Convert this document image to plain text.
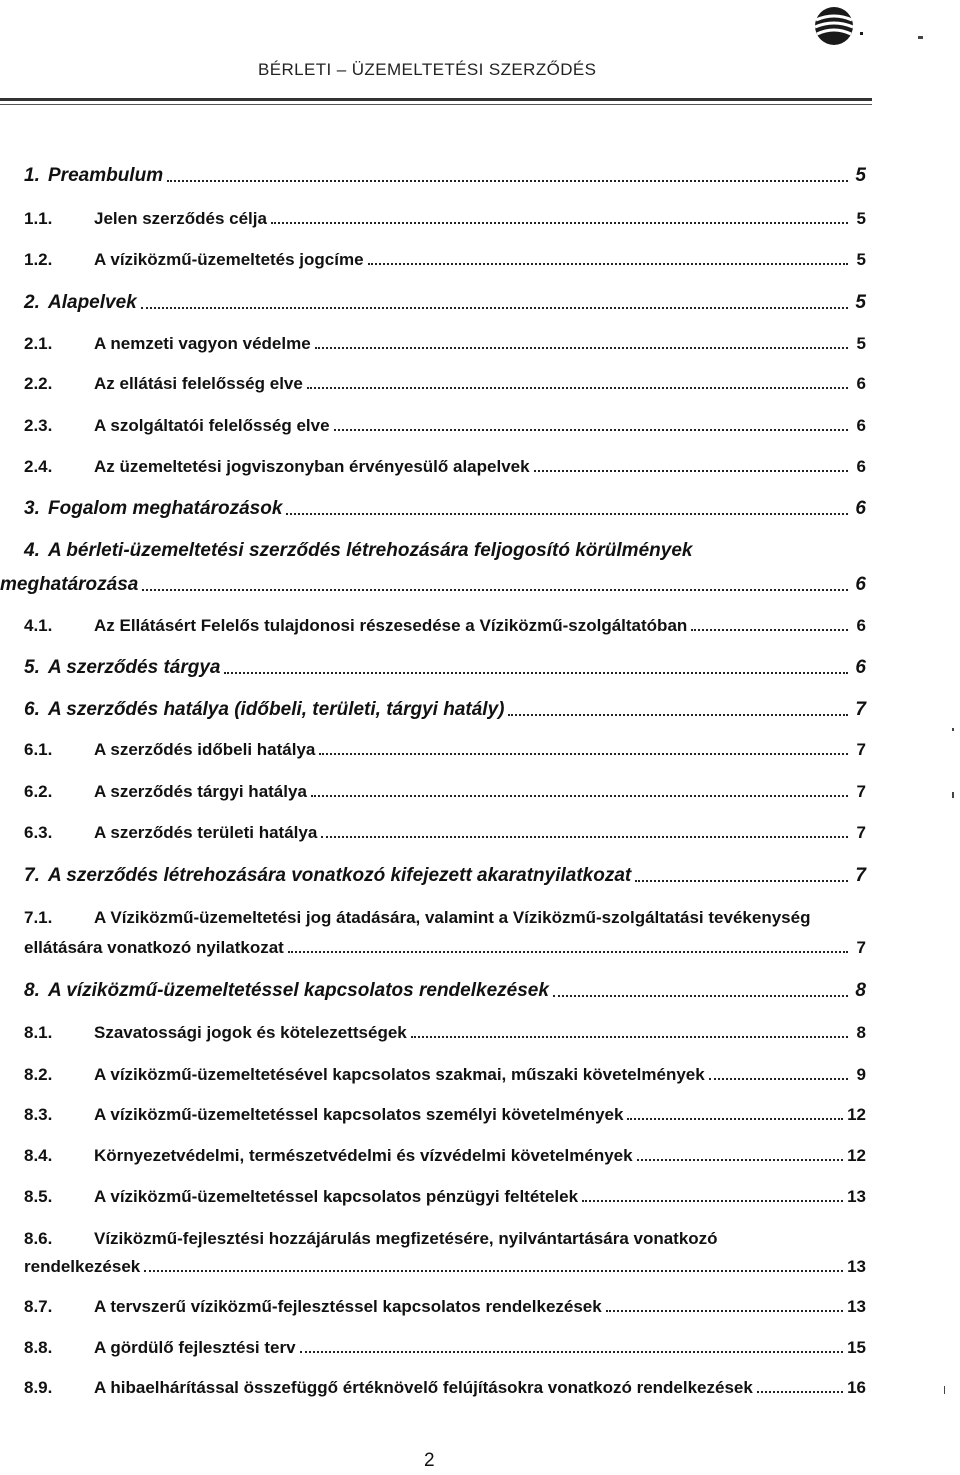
BÉRLETI – ÜZEMELTETÉSI SZERZŐDÉS
1. Preambulum	5
1.1.	Jelen szerződés célja	5
1.2.	A víziközmű-üzemeltetés jogcíme	5
2. Alapelvek	5
2.1.	A nemzeti vagyon védelme	5
2.2.	Az ellátási felelősség elve	6
2.3.	A szolgáltatói felelősség elve	6
2.4.	Az üzemeltetési jogviszonyban érvényesülő alapelvek	6
3. Fogalom meghatározások	6
4. A bérleti-üzemeltetési szerződés létrehozására feljogosító körülmények
meghatározása	6
4.1.	Az Ellátásért Felelős tulajdonosi részesedése a Víziközmű-szolgáltatóban	6
5. A szerződés tárgya	6
6. A szerződés hatálya (időbeli, területi, tárgyi hatály)	7
6.1.	A szerződés időbeli hatálya	7
6.2.	A szerződés tárgyi hatálya	7
6.3.	A szerződés területi hatálya	7
7. A szerződés létrehozására vonatkozó kifejezett akaratnyilatkozat	7
7.1. A Víziközmű-üzemeltetési jog átadására, valamint a Víziközmű-szolgáltatási tevékenység
ellátására vonatkozó nyilatkozat	7
8. A víziközmű-üzemeltetéssel kapcsolatos rendelkezések	8
8.1.	Szavatossági jogok és kötelezettségek	8
8.2.	A víziközmű-üzemeltetésével kapcsolatos szakmai, műszaki követelmények	9
8.3.	A víziközmű-üzemeltetéssel kapcsolatos személyi követelmények	12
8.4.	Környezetvédelmi, természetvédelmi és vízvédelmi követelmények	12
8.5.	A víziközmű-üzemeltetéssel kapcsolatos pénzügyi feltételek	13
8.6. Víziközmű-fejlesztési hozzájárulás megfizetésére, nyilvántartására vonatkozó
rendelkezések	13
8.7.	A tervszerű víziközmű-fejlesztéssel kapcsolatos rendelkezések	13
8.8.	A gördülő fejlesztési terv	15
8.9.	A hibaelhárítással összefüggő értéknövelő felújításokra vonatkozó rendelkezések	16
2
